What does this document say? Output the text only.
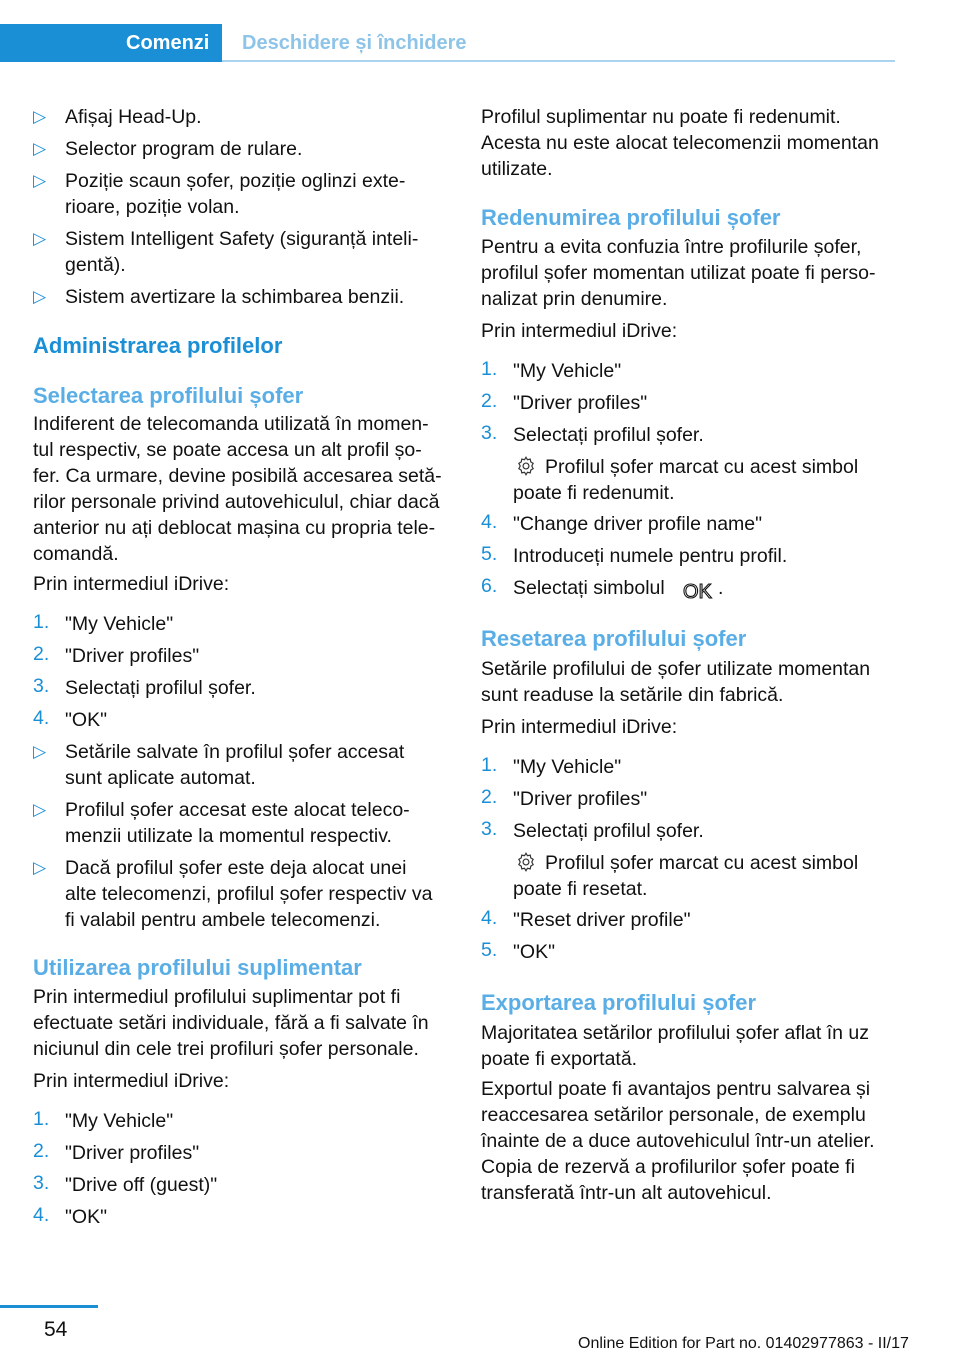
Comenzi	Deschidere și închidere
▷ Afișaj Head-Up.
▷ Selector program de rulare.
▷ Poziție scaun șofer, poziție oglinzi exte-
rioare, poziție volan.
▷ Sistem Intelligent Safety (siguranță inteli-
gentă).
▷ Sistem avertizare la schimbarea benzii.
Administrarea profilelor
Selectarea profilului șofer
Indiferent de telecomanda utilizată în momen-
tul respectiv, se poate accesa un alt profil șo-
fer. Ca urmare, devine posibilă accesarea setă-
rilor personale privind autovehiculul, chiar dacă
anterior nu ați deblocat mașina cu propria tele-
comandă.
Prin intermediul iDrive:
1. "My Vehicle"
2. "Driver profiles"
3. Selectați profilul șofer.
4. "OK"
▷ Setările salvate în profilul șofer accesat
sunt aplicate automat.
▷ Profilul șofer accesat este alocat teleco-
menzii utilizate la momentul respectiv.
▷ Dacă profilul șofer este deja alocat unei
alte telecomenzi, profilul șofer respectiv va
fi valabil pentru ambele telecomenzi.
Utilizarea profilului suplimentar
Prin intermediul profilului suplimentar pot fi
efectuate setări individuale, fără a fi salvate în
niciunul din cele trei profiluri șofer personale.
Prin intermediul iDrive:
1. "My Vehicle"
2. "Driver profiles"
3. "Drive off (guest)"
4. "OK"
Profilul suplimentar nu poate fi redenumit.
Acesta nu este alocat telecomenzii momentan
utilizate.
Redenumirea profilului șofer
Pentru a evita confuzia între profilurile șofer,
profilul șofer momentan utilizat poate fi perso-
nalizat prin denumire.
Prin intermediul iDrive:
1. "My Vehicle"
2. "Driver profiles"
3. Selectați profilul șofer.
Profilul șofer marcat cu acest simbol
poate fi redenumit.
4. "Change driver profile name"
5. Introduceți numele pentru profil.
6. Selectați simbolul OK .
Resetarea profilului șofer
Setările profilului de șofer utilizate momentan
sunt readuse la setările din fabrică.
Prin intermediul iDrive:
1. "My Vehicle"
2. "Driver profiles"
3. Selectați profilul șofer.
Profilul șofer marcat cu acest simbol
poate fi resetat.
4. "Reset driver profile"
5. "OK"
Exportarea profilului șofer
Majoritatea setărilor profilului șofer aflat în uz
poate fi exportată.
Exportul poate fi avantajos pentru salvarea și
reaccesarea setărilor personale, de exemplu
înainte de a duce autovehiculul într-un atelier.
Copia de rezervă a profilurilor șofer poate fi
transferată într-un alt autovehicul.
54
Online Edition for Part no. 01402977863 - II/17
